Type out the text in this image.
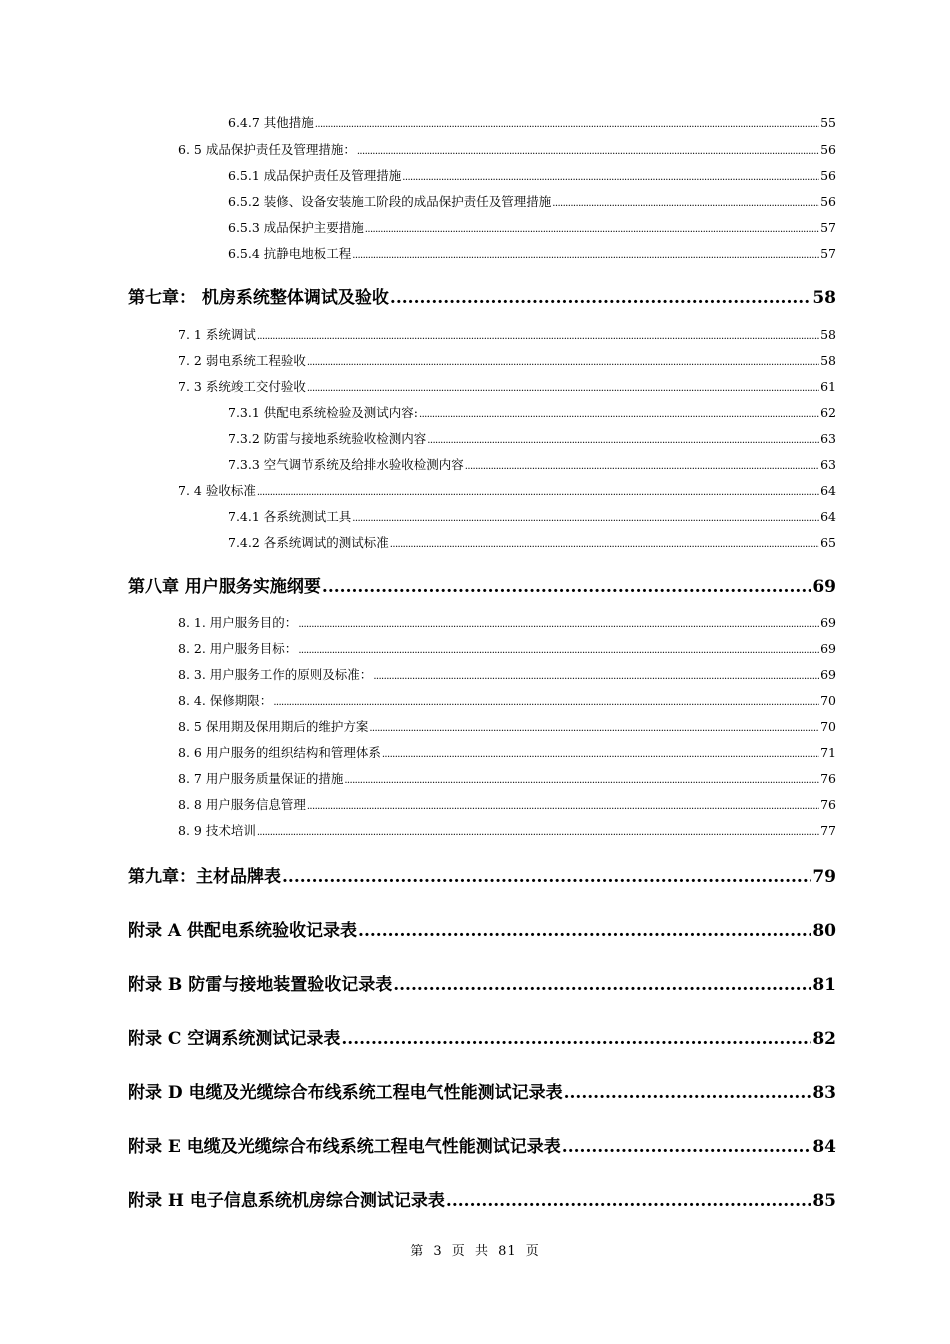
6.4.7 其他措施 .....	55
6. 5 成品保护责任及管理措施： .....	56
6.5.1 成品保护责任及管理措施 .....	56
6.5.2 装修、设备安装施工阶段的成品保护责任及管理措施 .....	56
6.5.3 成品保护主要措施 .....	57
6.5.4 抗静电地板工程 .....	57
第七章： 机房系统整体调试及验收 .....	58
7. 1 系统调试 .....	58
7. 2 弱电系统工程验收 .....	58
7. 3 系统竣工交付验收 .....	61
7.3.1 供配电系统检验及测试内容: .....	62
7.3.2 防雷与接地系统验收检测内容 .....	63
7.3.3 空气调节系统及给排水验收检测内容 .....	63
7. 4 验收标准 .....	64
7.4.1 各系统测试工具 .....	64
7.4.2 各系统调试的测试标准 .....	65
第八章 用户服务实施纲要 .....	69
8. 1. 用户服务目的： .....	69
8. 2. 用户服务目标： .....	69
8. 3. 用户服务工作的原则及标准： .....	69
8. 4. 保修期限： .....	70
8. 5 保用期及保用期后的维护方案 .....	70
8. 6 用户服务的组织结构和管理体系 .....	71
8. 7 用户服务质量保证的措施 .....	76
8. 8 用户服务信息管理 .....	76
8. 9 技术培训 .....	77
第九章：主材品牌表 .....	79
附录 A 供配电系统验收记录表 .....	80
附录 B 防雷与接地装置验收记录表 .....	81
附录 C 空调系统测试记录表 .....	82
附录 D 电缆及光缆综合布线系统工程电气性能测试记录表 .....	83
附录 E 电缆及光缆综合布线系统工程电气性能测试记录表 .....	84
附录 H 电子信息系统机房综合测试记录表 .....	85
第 3 页 共 81 页
